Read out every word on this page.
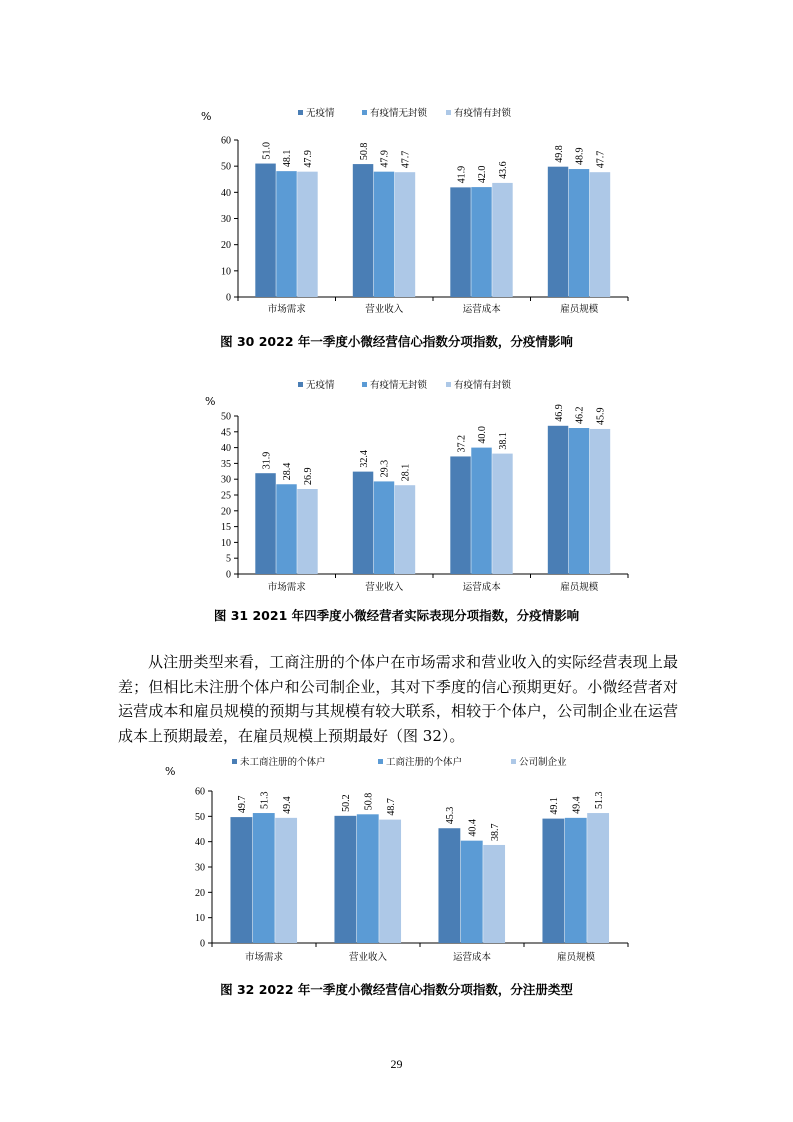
%	无疫情	有疫情无封锁	有疫情有封锁
0
10
20
30
40
50
60
51.0 48.1 47.9
市场需求
50.8 47.9 47.7
营业收入
41.9 42.0 43.6
运营成本
49.8 48.9 47.7
雇员规模
图 30 2022 年一季度小微经营信心指数分项指数，分疫情影响
%
无疫情	有疫情无封锁	有疫情有封锁
0
5
10
15
20
25
30
35
40
45
50
31.9
28.4 26.9
市场需求
32.4
29.3 28.1
营业收入
37.2
40.0 38.1
运营成本
46.9 46.2 45.9
雇员规模
图 31 2021 年四季度小微经营者实际表现分项指数，分疫情影响

从注册类型来看，工商注册的个体户在市场需求和营业收入的实际经营表现上最差；但相比未注册个体户和公司制企业，其对下季度的信心预期更好。小微经营者对运营成本和雇员规模的预期与其规模有较大联系，相较于个体户，公司制企业在运营成本上预期最差，在雇员规模上预期最好（图 32）。

%
未工商注册的个体户	工商注册的个体户	公司制企业
0
10
20
30
40
50
60
49.7 51.3 49.4
市场需求
50.2 50.8 48.7
营业收入
45.3
40.4 38.7
运营成本
49.1 49.4 51.3
雇员规模
图 32 2022 年一季度小微经营信心指数分项指数，分注册类型
29
